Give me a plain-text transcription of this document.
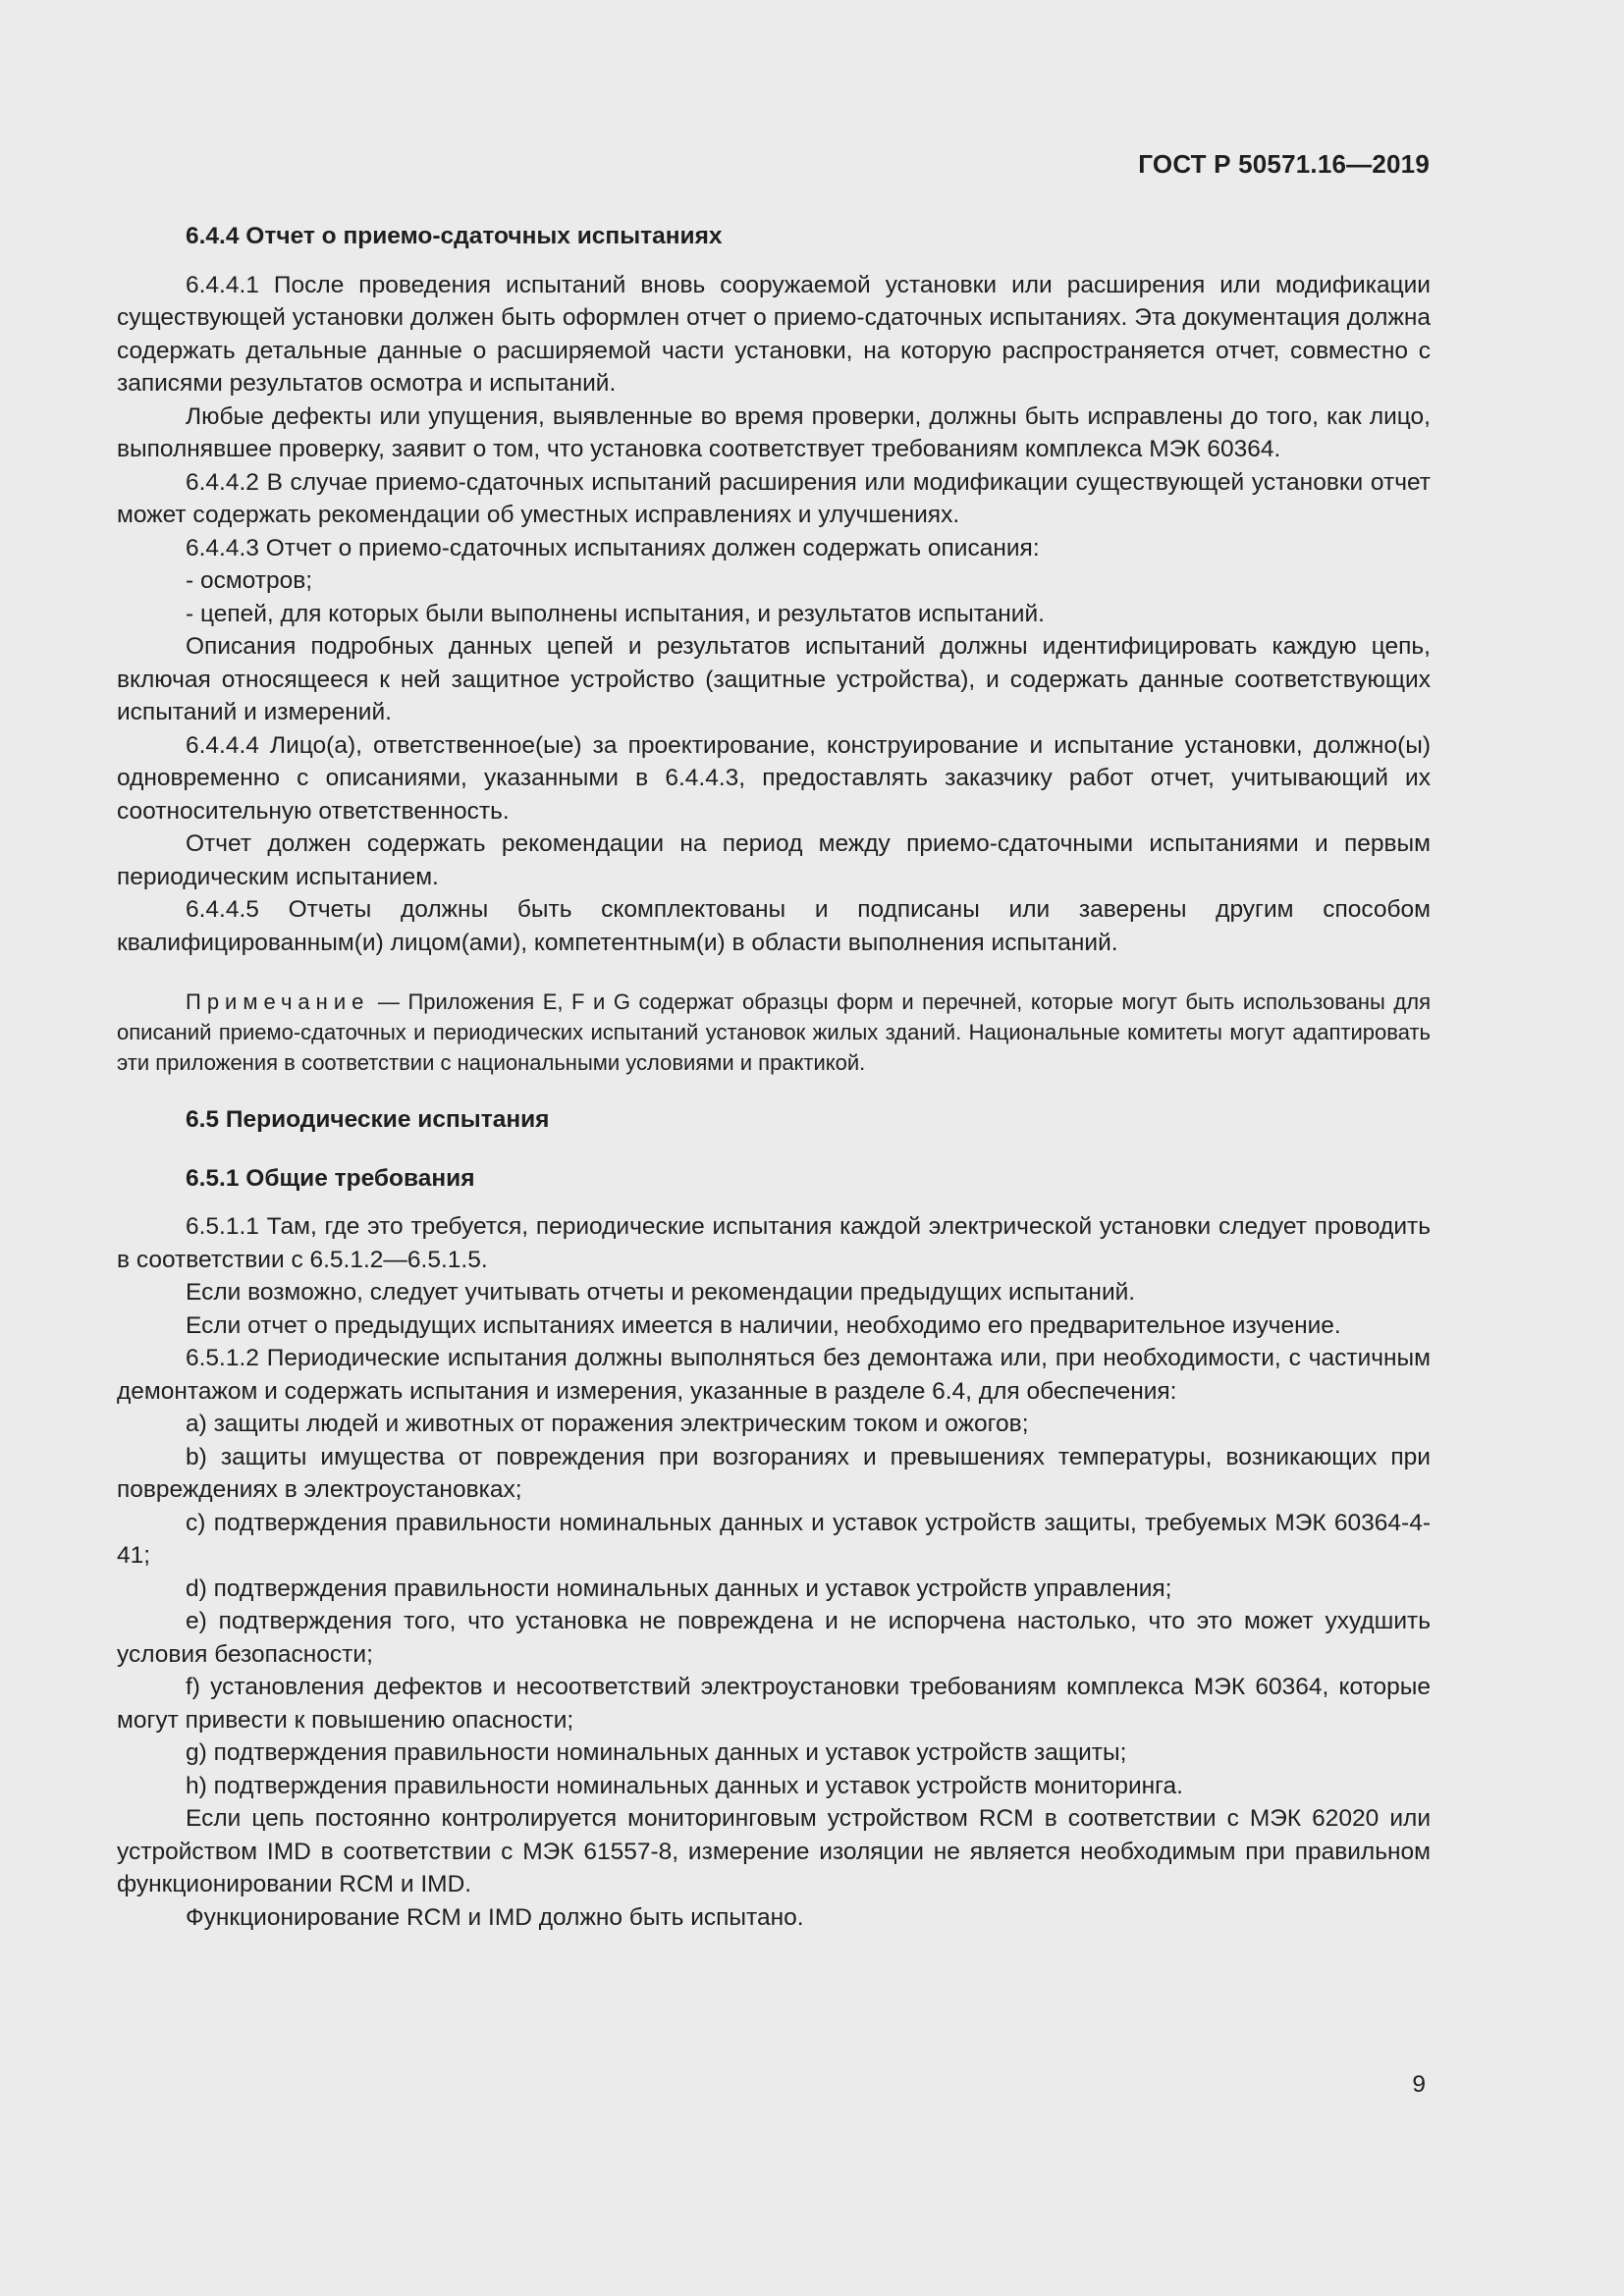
ГОСТ Р 50571.16—2019

6.4.4 Отчет о приемо-сдаточных испытаниях

6.4.4.1 После проведения испытаний вновь сооружаемой установки или расширения или модификации существующей установки должен быть оформлен отчет о приемо-сдаточных испытаниях. Эта документация должна содержать детальные данные о расширяемой части установки, на которую распространяется отчет, совместно с записями результатов осмотра и испытаний.

Любые дефекты или упущения, выявленные во время проверки, должны быть исправлены до того, как лицо, выполнявшее проверку, заявит о том, что установка соответствует требованиям комплекса МЭК 60364.

6.4.4.2 В случае приемо-сдаточных испытаний расширения или модификации существующей установки отчет может содержать рекомендации об уместных исправлениях и улучшениях.

6.4.4.3 Отчет о приемо-сдаточных испытаниях должен содержать описания:

- осмотров;

- цепей, для которых были выполнены испытания, и результатов испытаний.

Описания подробных данных цепей и результатов испытаний должны идентифицировать каждую цепь, включая относящееся к ней защитное устройство (защитные устройства), и содержать данные соответствующих испытаний и измерений.

6.4.4.4 Лицо(а), ответственное(ые) за проектирование, конструирование и испытание установки, должно(ы) одновременно с описаниями, указанными в 6.4.4.3, предоставлять заказчику работ отчет, учитывающий их соотносительную ответственность.

Отчет должен содержать рекомендации на период между приемо-сдаточными испытаниями и первым периодическим испытанием.

6.4.4.5 Отчеты должны быть скомплектованы и подписаны или заверены другим способом квалифицированным(и) лицом(ами), компетентным(и) в области выполнения испытаний.

Примечание — Приложения Е, F и G содержат образцы форм и перечней, которые могут быть использованы для описаний приемо-сдаточных и периодических испытаний установок жилых зданий. Национальные комитеты могут адаптировать эти приложения в соответствии с национальными условиями и практикой.

6.5 Периодические испытания

6.5.1 Общие требования

6.5.1.1 Там, где это требуется, периодические испытания каждой электрической установки следует проводить в соответствии с 6.5.1.2—6.5.1.5.

Если возможно, следует учитывать отчеты и рекомендации предыдущих испытаний.

Если отчет о предыдущих испытаниях имеется в наличии, необходимо его предварительное изучение.

6.5.1.2 Периодические испытания должны выполняться без демонтажа или, при необходимости, с частичным демонтажом и содержать испытания и измерения, указанные в разделе 6.4, для обеспечения:

а) защиты людей и животных от поражения электрическим током и ожогов;

b) защиты имущества от повреждения при возгораниях и превышениях температуры, возникающих при повреждениях в электроустановках;

с) подтверждения правильности номинальных данных и уставок устройств защиты, требуемых МЭК 60364-4-41;

d) подтверждения правильности номинальных данных и уставок устройств управления;

е) подтверждения того, что установка не повреждена и не испорчена настолько, что это может ухудшить условия безопасности;

f) установления дефектов и несоответствий электроустановки требованиям комплекса МЭК 60364, которые могут привести к повышению опасности;

g) подтверждения правильности номинальных данных и уставок устройств защиты;

h) подтверждения правильности номинальных данных и уставок устройств мониторинга.

Если цепь постоянно контролируется мониторинговым устройством RCM в соответствии с МЭК 62020 или устройством IMD в соответствии с МЭК 61557-8, измерение изоляции не является необходимым при правильном функционировании RCM и IMD.

Функционирование RCM и IMD должно быть испытано.

9
